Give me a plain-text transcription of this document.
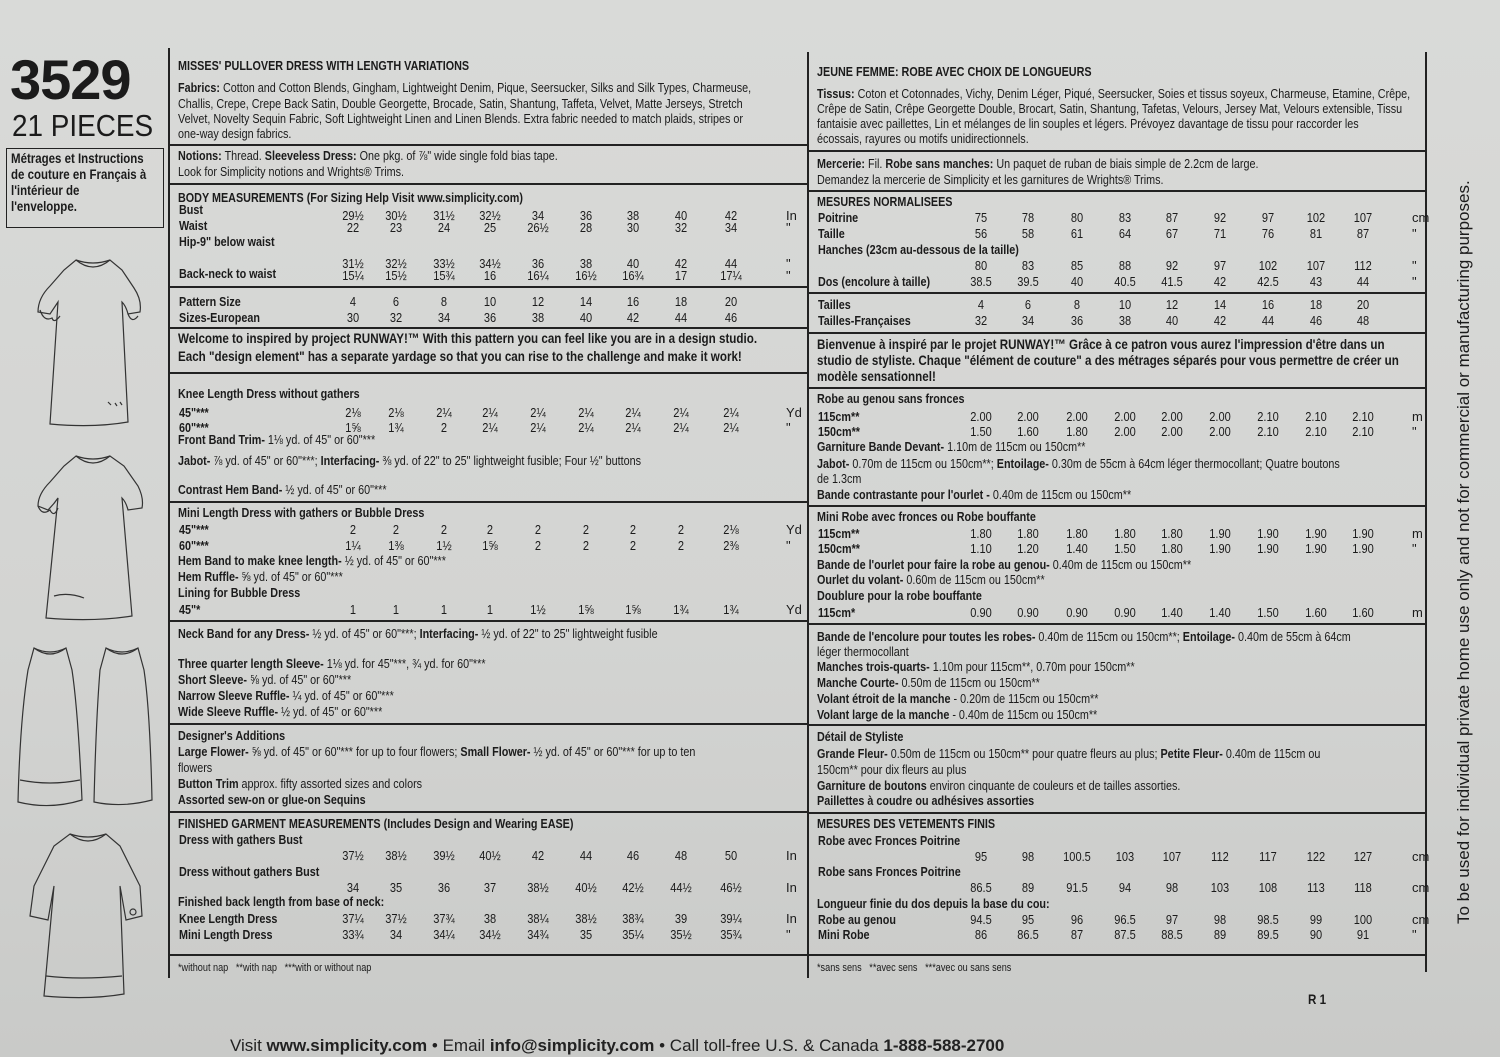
3529
21 PIECES
Métrages et Instructions
de couture en Français à
l'intérieur de
l'enveloppe.
MISSES' PULLOVER DRESS WITH LENGTH VARIATIONS
Fabrics: Cotton and Cotton Blends, Gingham, Lightweight Denim, Pique, Seersucker, Silks and Silk Types, Charmeuse,
Challis, Crepe, Crepe Back Satin, Double Georgette, Brocade, Satin, Shantung, Taffeta, Velvet, Matte Jerseys, Stretch
Velvet, Novelty Sequin Fabric, Soft Lightweight Linen and Linen Blends. Extra fabric needed to match plaids, stripes or
one-way design fabrics.
Notions: Thread. Sleeveless Dress: One pkg. of ⅞" wide single fold bias tape.
Look for Simplicity notions and Wrights® Trims.
BODY MEASUREMENTS (For Sizing Help Visit www.simplicity.com)
Welcome to inspired by project RUNWAY!™ With this pattern you can feel like you are in a design studio.
Each "design element" has a separate yardage so that you can rise to the challenge and make it work!
Knee Length Dress without gathers
Front Band Trim- 1⅛ yd. of 45" or 60"***
Jabot- ⅞ yd. of 45" or 60"***; Interfacing- ⅜ yd. of 22" to 25" lightweight fusible; Four ½" buttons
Contrast Hem Band- ½ yd. of 45" or 60"***
Mini Length Dress with gathers or Bubble Dress
Hem Band to make knee length- ½ yd. of 45" or 60"***
Hem Ruffle- ⅝ yd. of 45" or 60"***
Lining for Bubble Dress
Neck Band for any Dress- ½ yd. of 45" or 60"***; Interfacing- ½ yd. of 22" to 25" lightweight fusible
Designer's Additions
Large Flower- ⅝ yd. of 45" or 60"*** for up to four flowers; Small Flower- ½ yd. of 45" or 60"*** for up to ten
flowers
Button Trim approx. fifty assorted sizes and colors
Assorted sew-on or glue-on Sequins
FINISHED GARMENT MEASUREMENTS (Includes Design and Wearing EASE)
Finished back length from base of neck:
*without nap   **with nap   ***with or without nap
JEUNE FEMME: ROBE AVEC CHOIX DE LONGUEURS
Tissus: Coton et Cotonnades, Vichy, Denim Léger, Piqué, Seersucker, Soies et tissus soyeux, Charmeuse, Etamine, Crêpe,
Crêpe de Satin, Crêpe Georgette Double, Brocart, Satin, Shantung, Tafetas, Velours, Jersey Mat, Velours extensible, Tissu
fantaisie avec paillettes, Lin et mélanges de lin souples et légers. Prévoyez davantage de tissu pour raccorder les
écossais, rayures ou motifs unidirectionnels.
Mercerie: Fil. Robe sans manches: Un paquet de ruban de biais simple de 2.2cm de large.
Demandez la mercerie de Simplicity et les garnitures de Wrights® Trims.
MESURES NORMALISEES
Bienvenue à inspiré par le projet RUNWAY!™ Grâce à ce patron vous aurez l'impression d'être dans un
studio de styliste. Chaque "élément de couture" a des métrages séparés pour vous permettre de créer un
modèle sensationnel!
Robe au genou sans fronces
Garniture Bande Devant- 1.10m de 115cm ou 150cm**
Jabot- 0.70m de 115cm ou 150cm**; Entoilage- 0.30m de 55cm à 64cm léger thermocollant; Quatre boutons
de 1.3cm
Bande contrastante pour l'ourlet - 0.40m de 115cm ou 150cm**
Mini Robe avec fronces ou Robe bouffante
Bande de l'ourlet pour faire la robe au genou- 0.40m de 115cm ou 150cm**
Ourlet du volant- 0.60m de 115cm ou 150cm**
Doublure pour la robe bouffante
Bande de l'encolure pour toutes les robes- 0.40m de 115cm ou 150cm**; Entoilage- 0.40m de 55cm à 64cm
léger thermocollant
Détail de Styliste
Grande Fleur- 0.50m de 115cm ou 150cm** pour quatre fleurs au plus; Petite Fleur- 0.40m de 115cm ou
150cm** pour dix fleurs au plus
Garniture de boutons environ cinquante de couleurs et de tailles assorties.
Paillettes à coudre ou adhésives assorties
MESURES DES VETEMENTS FINIS
Longueur finie du dos depuis la base du cou:
*sans sens   **avec sens   ***avec ou sans sens
R 1
To be used for individual private home use only and not for commercial or manufacturing purposes.
Visit www.simplicity.com • Email info@simplicity.com • Call toll-free U.S. & Canada 1-888-588-2700
Bust	29½	30½	31½	32½	34	36	38	40	42	In
Waist	22	23	24	25	26½	28	30	32	34	"
Hip-9" below waist
31½	32½	33½	34½	36	38	40	42	44	"
Back-neck to waist	15¼	15½	15¾	16	16¼	16½	16¾	17	17¼	"
Pattern Size	4	6	8	10	12	14	16	18	20
Sizes-European	30	32	34	36	38	40	42	44	46
45"***	2⅛	2⅛	2¼	2¼	2¼	2¼	2¼	2¼	2¼	Yd
60"***	1⅝	1¾	2	2¼	2¼	2¼	2¼	2¼	2¼	"
45"***	2	2	2	2	2	2	2	2	2⅛	Yd
60"***	1¼	1⅜	1½	1⅝	2	2	2	2	2⅜	"
45"*	1	1	1	1	1½	1⅝	1⅝	1¾	1¾	Yd
Dress with gathers Bust
37½	38½	39½	40½	42	44	46	48	50	In
Dress without gathers Bust
34	35	36	37	38½	40½	42½	44½	46½	In
Knee Length Dress	37¼	37½	37¾	38	38¼	38½	38¾	39	39¼	In
Mini Length Dress	33¾	34	34¼	34½	34¾	35	35¼	35½	35¾	"
Three quarter length Sleeve- 1⅛ yd. for 45"***, ¾ yd. for 60"***
Short Sleeve- ⅝ yd. of 45" or 60"***
Narrow Sleeve Ruffle- ¼ yd. of 45" or 60"***
Wide Sleeve Ruffle- ½ yd. of 45" or 60"***
Poitrine	75	78	80	83	87	92	97	102	107	cm
Taille	56	58	61	64	67	71	76	81	87	"
Hanches (23cm au-dessous de la taille)
80	83	85	88	92	97	102	107	112	"
Dos (encolure à taille)	38.5	39.5	40	40.5	41.5	42	42.5	43	44	"
Tailles	4	6	8	10	12	14	16	18	20
Tailles-Françaises	32	34	36	38	40	42	44	46	48
115cm**	2.00	2.00	2.00	2.00	2.00	2.00	2.10	2.10	2.10	m
150cm**	1.50	1.60	1.80	2.00	2.00	2.00	2.10	2.10	2.10	"
115cm**	1.80	1.80	1.80	1.80	1.80	1.90	1.90	1.90	1.90	m
150cm**	1.10	1.20	1.40	1.50	1.80	1.90	1.90	1.90	1.90	"
115cm*	0.90	0.90	0.90	0.90	1.40	1.40	1.50	1.60	1.60	m
Robe avec Fronces Poitrine
95	98	100.5	103	107	112	117	122	127	cm
Robe sans Fronces Poitrine
86.5	89	91.5	94	98	103	108	113	118	cm
Robe au genou	94.5	95	96	96.5	97	98	98.5	99	100	cm
Mini Robe	86	86.5	87	87.5	88.5	89	89.5	90	91	"
Manches trois-quarts- 1.10m pour 115cm**, 0.70m pour 150cm**
Manche Courte- 0.50m de 115cm ou 150cm**
Volant étroit de la manche - 0.20m de 115cm ou 150cm**
Volant large de la manche - 0.40m de 115cm ou 150cm**
